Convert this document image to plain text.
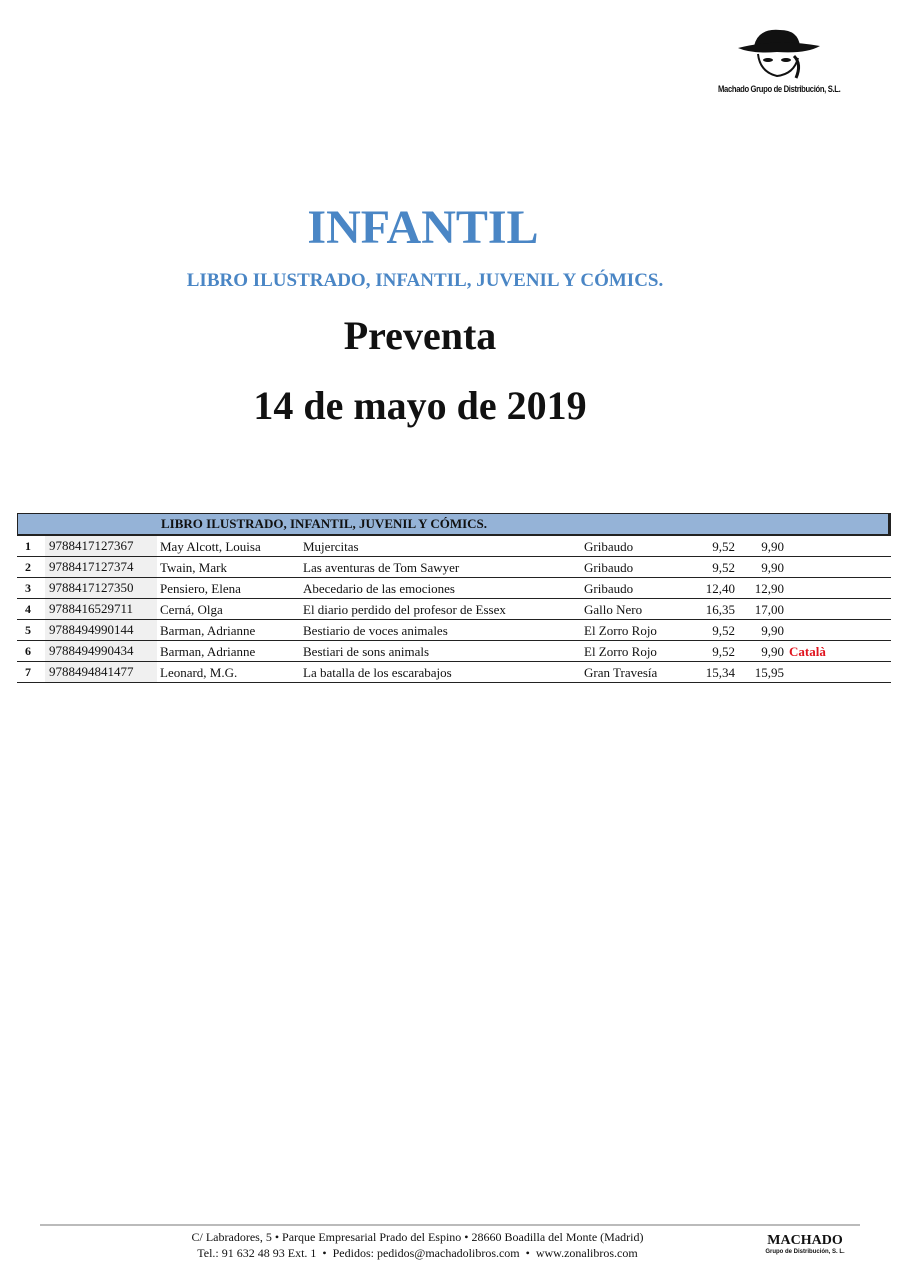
Machado Grupo de Distribución, S.L.
INFANTIL
LIBRO ILUSTRADO, INFANTIL, JUVENIL Y CÓMICS.
Preventa
14 de mayo de 2019
LIBRO ILUSTRADO, INFANTIL, JUVENIL Y CÓMICS.
1	9788417127367	May Alcott, Louisa	Mujercitas	Gribaudo	9,52 9,90
2	9788417127374	Twain, Mark	Las aventuras de Tom Sawyer	Gribaudo	9,52 9,90
3	9788417127350	Pensiero, Elena	Abecedario de las emociones	Gribaudo	12,40 12,90
4	9788416529711	Cerná, Olga	El diario perdido del profesor de Essex	Gallo Nero	16,35 17,00
5	9788494990144	Barman, Adrianne	Bestiario de voces animales	El Zorro Rojo	9,52 9,90
6	9788494990434	Barman, Adrianne	Bestiari de sons animals	El Zorro Rojo	9,52 9,90 Català
7	9788494841477	Leonard, M.G.	La batalla de los escarabajos	Gran Travesía	15,34 15,95
C/ Labradores, 5 • Parque Empresarial Prado del Espino • 28660 Boadilla del Monte (Madrid)
Tel.: 91 632 48 93 Ext. 1  •  Pedidos: pedidos@machadolibros.com  •  www.zonalibros.com
MACHADO
Grupo de Distribución, S. L.
